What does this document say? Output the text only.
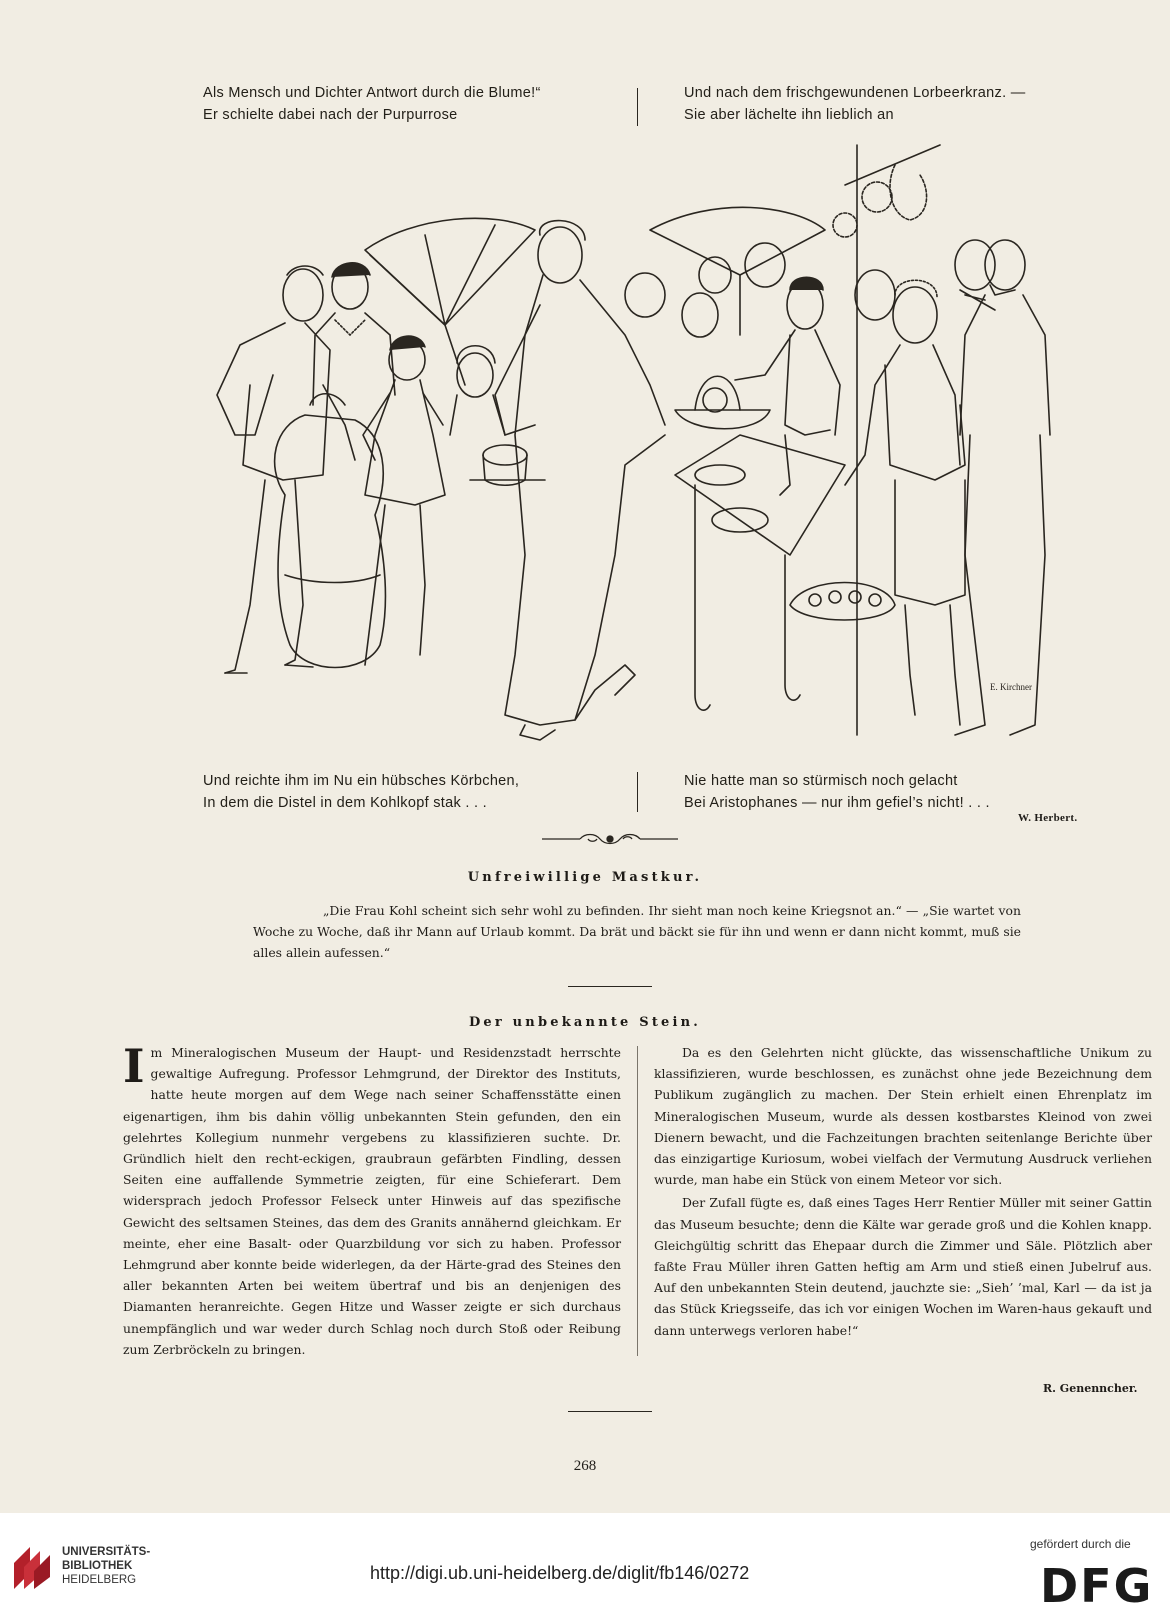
Als Mensch und Dichter Antwort durch die Blume!“
Er schielte dabei nach der Purpurrose
Und nach dem frischgewundenen Lorbeerkranz. —
Sie aber lächelte ihn lieblich an
E. Kirchner
Und reichte ihm im Nu ein hübsches Körbchen,
In dem die Distel in dem Kohlkopf stak . . .
Nie hatte man so stürmisch noch gelacht
Bei Aristophanes — nur ihm gefiel’s nicht! . . .
W. Herbert.
Unfreiwillige Mastkur.
„Die Frau Kohl scheint sich sehr wohl zu befinden. Ihr sieht man noch keine Kriegsnot an.“ — „Sie wartet von Woche zu Woche, daß ihr Mann auf Urlaub kommt. Da brät und bäckt sie für ihn und wenn er dann nicht kommt, muß sie alles allein aufessen.“
Der unbekannte Stein.
Im Mineralogischen Museum der Haupt- und Residenzstadt herrschte gewaltige Aufregung. Professor Lehmgrund, der Direktor des Instituts, hatte heute morgen auf dem Wege nach seiner Schaffensstätte einen eigenartigen, ihm bis dahin völlig unbekannten Stein gefunden, den ein gelehrtes Kollegium nunmehr vergebens zu klassifizieren suchte. Dr. Gründlich hielt den recht-eckigen, graubraun gefärbten Findling, dessen Seiten eine auffallende Symmetrie zeigten, für eine Schieferart. Dem widersprach jedoch Professor Felseck unter Hinweis auf das spezifische Gewicht des seltsamen Steines, das dem des Granits annähernd gleichkam. Er meinte, eher eine Basalt- oder Quarzbildung vor sich zu haben. Professor Lehmgrund aber konnte beide widerlegen, da der Härte-grad des Steines den aller bekannten Arten bei weitem übertraf und bis an denjenigen des Diamanten heranreichte. Gegen Hitze und Wasser zeigte er sich durchaus unempfänglich und war weder durch Schlag noch durch Stoß oder Reibung zum Zerbröckeln zu bringen.
Da es den Gelehrten nicht glückte, das wissenschaftliche Unikum zu klassifizieren, wurde beschlossen, es zunächst ohne jede Bezeichnung dem Publikum zugänglich zu machen. Der Stein erhielt einen Ehrenplatz im Mineralogischen Museum, wurde als dessen kostbarstes Kleinod von zwei Dienern bewacht, und die Fachzeitungen brachten seitenlange Berichte über das einzigartige Kuriosum, wobei vielfach der Vermutung Ausdruck verliehen wurde, man habe ein Stück von einem Meteor vor sich.
Der Zufall fügte es, daß eines Tages Herr Rentier Müller mit seiner Gattin das Museum besuchte; denn die Kälte war gerade groß und die Kohlen knapp. Gleichgültig schritt das Ehepaar durch die Zimmer und Säle. Plötzlich aber faßte Frau Müller ihren Gatten heftig am Arm und stieß einen Jubelruf aus. Auf den unbekannten Stein deutend, jauchzte sie: „Sieh’ ’mal, Karl — da ist ja das Stück Kriegsseife, das ich vor einigen Wochen im Waren-haus gekauft und dann unterwegs verloren habe!“
R. Genenncher.
268
UNIVERSITÄTS-
BIBLIOTHEK
HEIDELBERG	http://digi.ub.uni-heidelberg.de/diglit/fb146/0272
gefördert durch die
DFG
